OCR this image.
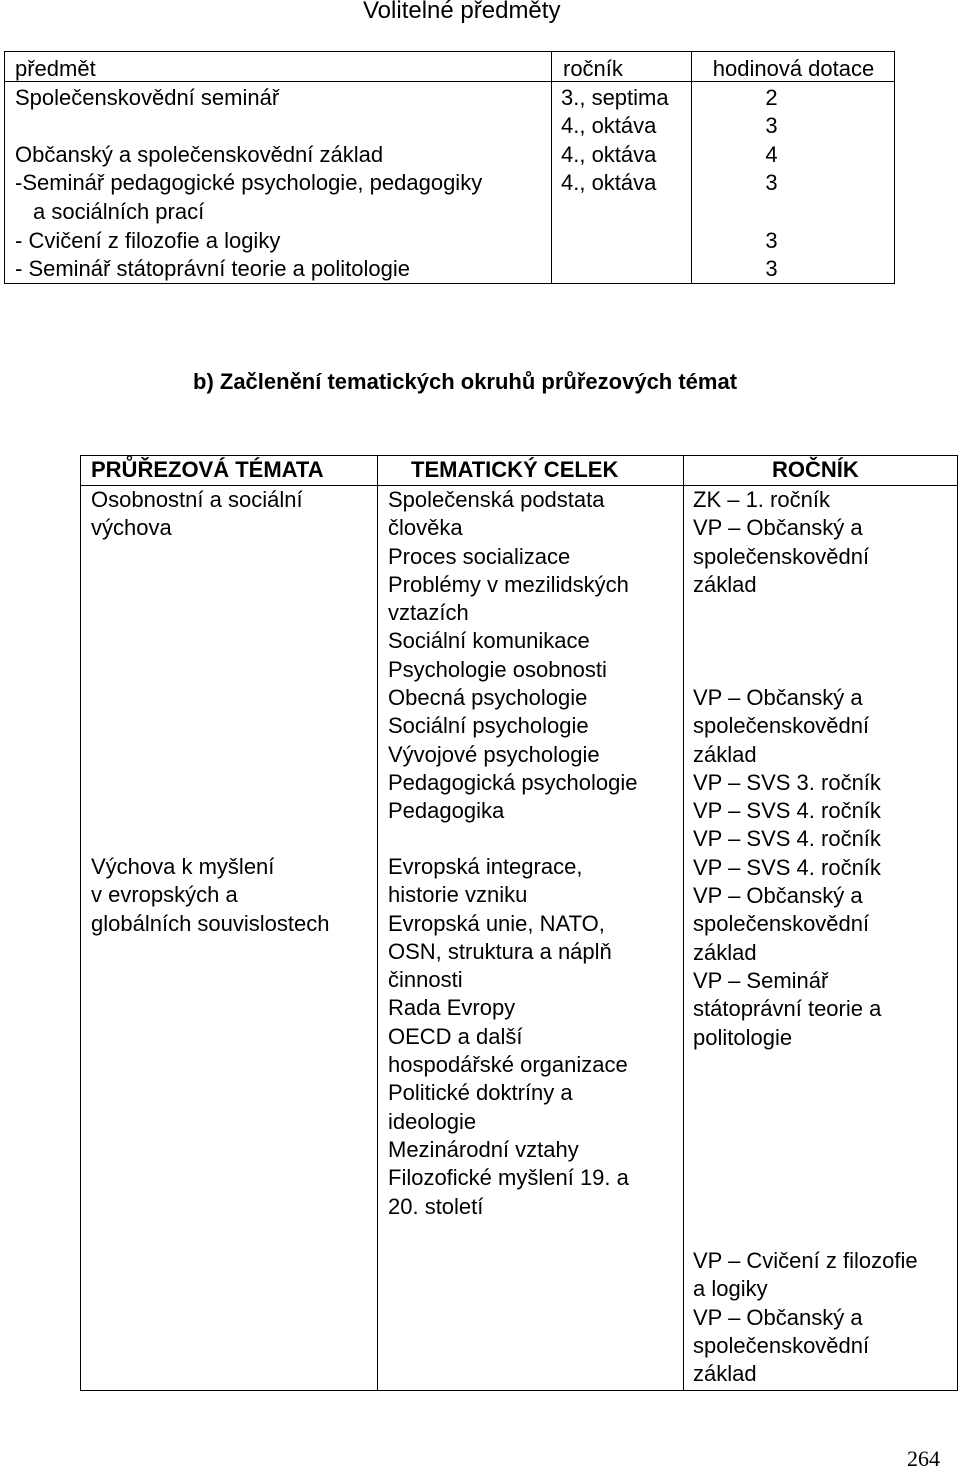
Volitelné předměty
předmět
Společenskovědní seminář
Občanský a společenskovědní základ
-Seminář pedagogické psychologie, pedagogiky
a sociálních prací
- Cvičení z filozofie a logiky
- Seminář státoprávní teorie a politologie
ročník
3., septima
4., oktáva
4., oktáva
4., oktáva
hodinová dotace
2
3
4
3
3
3
b) Začlenění tematických okruhů průřezových témat
PRŮŘEZOVÁ TÉMATA	TEMATICKÝ CELEK	ROČNÍK
Osobnostní a sociální
výchova
Výchova k myšlení
v evropských a
globálních souvislostech
Společenská podstata
člověka
Proces socializace
Problémy v mezilidských
vztazích
Sociální komunikace
Psychologie osobnosti
Obecná psychologie
Sociální psychologie
Vývojové psychologie
Pedagogická psychologie
Pedagogika
Evropská integrace,
historie vzniku
Evropská unie, NATO,
OSN, struktura a náplň
činnosti
Rada Evropy
OECD a další
hospodářské organizace
Politické doktríny a
ideologie
Mezinárodní vztahy
Filozofické myšlení 19. a
20. století
ZK – 1. ročník
VP – Občanský a
společenskovědní
základ
VP – Občanský a
společenskovědní
základ
VP – SVS 3. ročník
VP – SVS 4. ročník
VP – SVS 4. ročník
VP – SVS 4. ročník
VP – Občanský a
společenskovědní
základ
VP – Seminář
státoprávní teorie a
politologie
VP – Cvičení z filozofie
a logiky
VP – Občanský a
společenskovědní
základ
264
